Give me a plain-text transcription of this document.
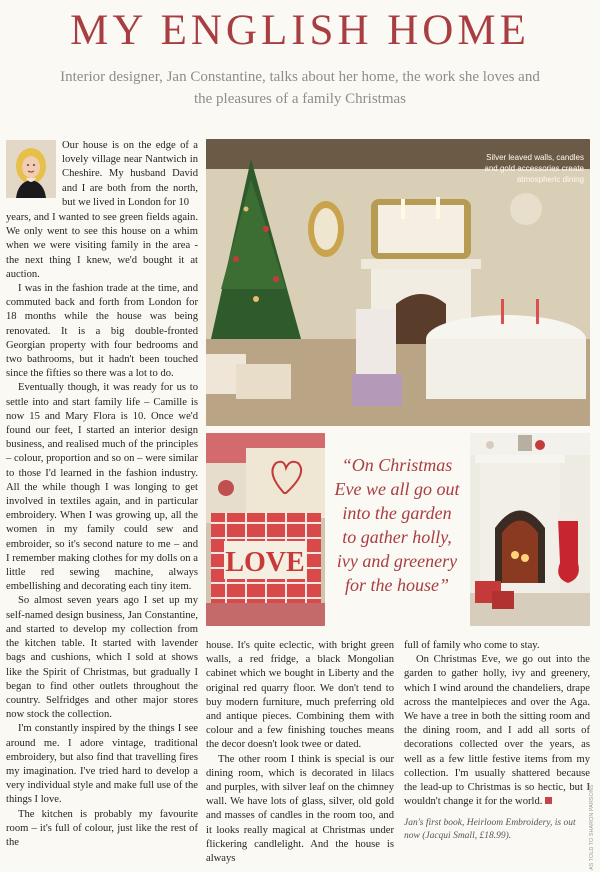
MY ENGLISH HOME
Interior designer, Jan Constantine, talks about her home, the work she loves and the pleasures of a family Christmas

Our house is on the edge of a lovely village near Nantwich in Cheshire. My husband David and I are both from the north, but we lived in London for 10

years, and I wanted to see green fields again. We only went to see this house on a whim when we were visiting family in the area - the next thing I knew, we'd bought it at auction.

I was in the fashion trade at the time, and commuted back and forth from London for 18 months while the house was being renovated. It is a big double-fronted Georgian property with four bedrooms and two bathrooms, but it hadn't been touched since the fifties so there was a lot to do.

Eventually though, it was ready for us to settle into and start family life – Camille is now 15 and Mary Flora is 10. Once we'd found our feet, I started an interior design business, and realised much of the principles – colour, proportion and so on – were similar to those I'd learned in the fashion industry. All the while though I was longing to get involved in textiles again, and in particular embroidery. When I was growing up, all the women in my family could sew and embroider, so it's second nature to me – and I remember making clothes for my dolls on a little red sewing machine, always embellishing and decorating each tiny item.

So almost seven years ago I set up my self-named design business, Jan Constantine, and started to develop my collection from the kitchen table. It started with lavender bags and cushions, which I sold at shows like the Spirit of Christmas, but gradually I began to find other outlets throughout the country. Selfridges and other major stores now stock the collection.

I'm constantly inspired by the things I see around me. I adore vintage, traditional embroidery, but also find that travelling fires my imagination. I've tried hard to develop a very individual style and make full use of the things I love.

The kitchen is probably my favourite room – it's full of colour, just like the rest of the

Silver leaved walls, candles and gold accessories create atmospheric dining
LOVE
“On Christmas Eve we all go out into the garden to gather holly, ivy and greenery for the house”

house. It's quite eclectic, with bright green walls, a red fridge, a black Mongolian cabinet which we bought in Liberty and the original red quarry floor. We don't tend to buy modern furniture, much preferring old and antique pieces. Combining them with colour and a few finishing touches means the decor doesn't look twee or dated.

The other room I think is special is our dining room, which is decorated in lilacs and purples, with silver leaf on the chimney wall. We have lots of glass, silver, old gold and masses of candles in the room too, and it looks really magical at Christmas under flickering candlelight. And the house is always

full of family who come to stay.

On Christmas Eve, we go out into the garden to gather holly, ivy and greenery, which I wind around the chandeliers, drape across the mantelpieces and over the Aga. We have a tree in both the sitting room and the dining room, and I add all sorts of decorations collected over the years, as well as a few little festive items from my collection. I'm usually shattered because the lead-up to Christmas is so hectic, but I wouldn't change it for the world.

Jan's first book, Heirloom Embroidery, is out now (Jacqui Small, £18.99).	AS TOLD TO SHARON PARSONS
